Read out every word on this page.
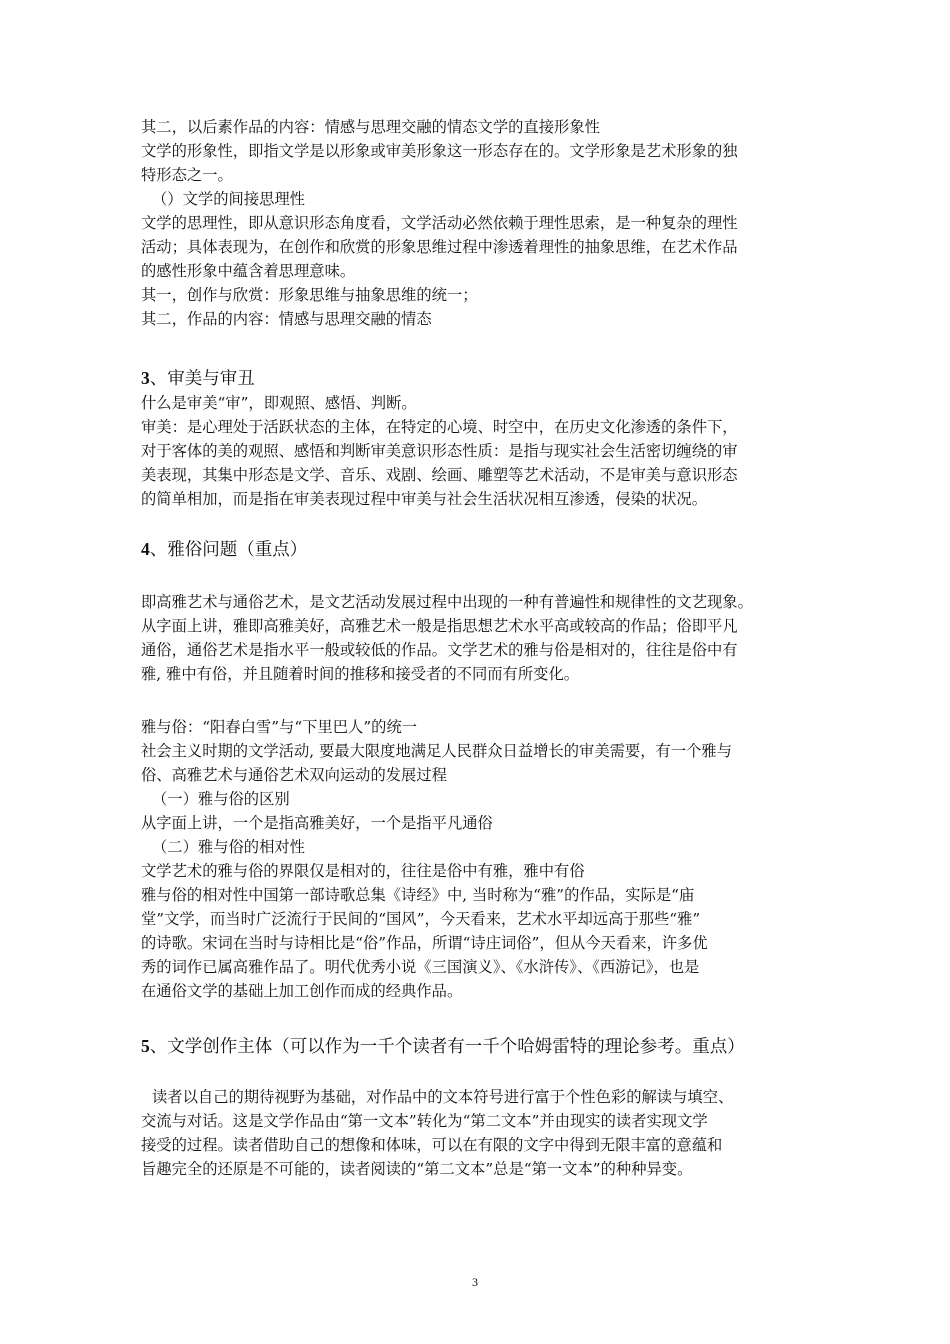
其二，以后素作品的内容：情感与思理交融的情态文学的直接形象性
文学的形象性，即指文学是以形象或审美形象这一形态存在的。文学形象是艺术形象的独
特形态之一。
（）文学的间接思理性
文学的思理性，即从意识形态角度看，文学活动必然依赖于理性思索，是一种复杂的理性
活动；具体表现为，在创作和欣赏的形象思维过程中渗透着理性的抽象思维，在艺术作品
的感性形象中蕴含着思理意味。
其一，创作与欣赏：形象思维与抽象思维的统一；
其二，作品的内容：情感与思理交融的情态
3、审美与审丑
什么是审美“审”，即观照、感悟、判断。
审美：是心理处于活跃状态的主体，在特定的心境、时空中，在历史文化渗透的条件下，
对于客体的美的观照、感悟和判断审美意识形态性质：是指与现实社会生活密切缠绕的审
美表现，其集中形态是文学、音乐、戏剧、绘画、雕塑等艺术活动，不是审美与意识形态
的简单相加，而是指在审美表现过程中审美与社会生活状况相互渗透，侵染的状况。
4、雅俗问题（重点）
即高雅艺术与通俗艺术，是文艺活动发展过程中出现的一种有普遍性和规律性的文艺现象。
从字面上讲，雅即高雅美好，高雅艺术一般是指思想艺术水平高或较高的作品；俗即平凡
通俗，通俗艺术是指水平一般或较低的作品。文学艺术的雅与俗是相对的，往往是俗中有
雅, 雅中有俗，并且随着时间的推移和接受者的不同而有所变化。
雅与俗：“阳春白雪”与“下里巴人”的统一
社会主义时期的文学活动, 要最大限度地满足人民群众日益增长的审美需要，有一个雅与
俗、高雅艺术与通俗艺术双向运动的发展过程
（一）雅与俗的区别
从字面上讲，一个是指高雅美好，一个是指平凡通俗
（二）雅与俗的相对性
文学艺术的雅与俗的界限仅是相对的，往往是俗中有雅，雅中有俗
雅与俗的相对性中国第一部诗歌总集《诗经》中, 当时称为“雅”的作品，实际是“庙
堂”文学，而当时广泛流行于民间的“国风”，今天看来，艺术水平却远高于那些“雅”
的诗歌。宋词在当时与诗相比是“俗”作品，所谓“诗庄词俗”，但从今天看来，许多优
秀的词作已属高雅作品了。明代优秀小说《三国演义》、《水浒传》、《西游记》，也是
在通俗文学的基础上加工创作而成的经典作品。
5、文学创作主体（可以作为一千个读者有一千个哈姆雷特的理论参考。重点）
读者以自己的期待视野为基础，对作品中的文本符号进行富于个性色彩的解读与填空、
交流与对话。这是文学作品由“第一文本”转化为“第二文本”并由现实的读者实现文学
接受的过程。读者借助自己的想像和体味，可以在有限的文字中得到无限丰富的意蕴和
旨趣完全的还原是不可能的，读者阅读的“第二文本”总是“第一文本”的种种异变。
3
